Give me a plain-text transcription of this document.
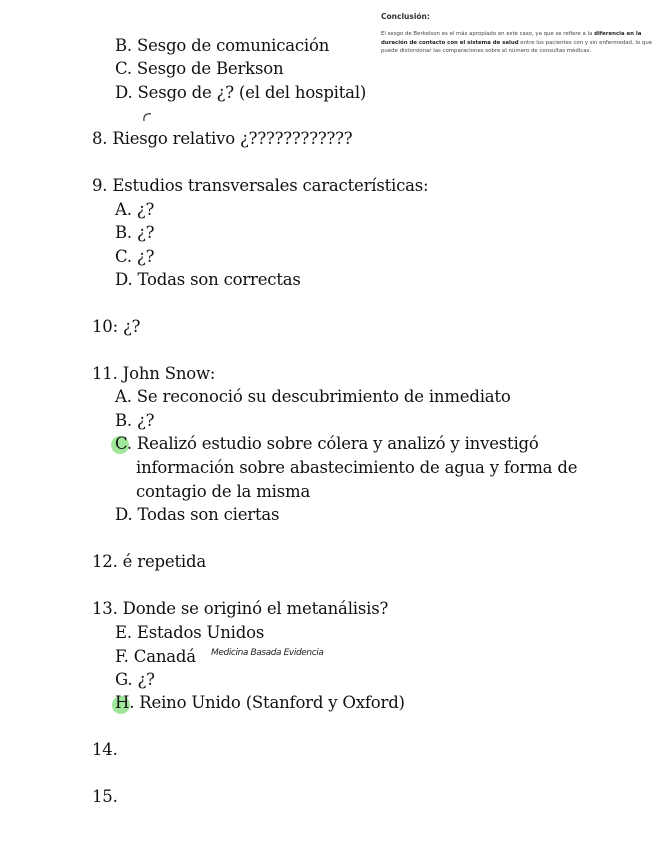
Conclusión:
El sesgo de Berkelson es el más apropiado en este caso, ya que se refiere a la diferencia en la duración de contacto con el sistema de salud entre los pacientes con y sin enfermedad, lo que puede distorsionar las comparaciones sobre el número de consultas médicas.
B. Sesgo de comunicación
C. Sesgo de Berkson
D. Sesgo de ¿? (el del hospital)
8. Riesgo relativo ¿????????????
9. Estudios transversales características:
A. ¿?
B. ¿?
C. ¿?
D. Todas son correctas
10: ¿?
11. John Snow:
A. Se reconoció su descubrimiento de inmediato
B. ¿?
C. Realizó estudio sobre cólera y analizó y investigó
información sobre abastecimiento de agua y forma de
contagio de la misma
D. Todas son ciertas
12. é repetida
13. Donde se originó el metanálisis?
E. Estados Unidos
F. Canadá Medicina Basada Evidencia
G. ¿?
H. Reino Unido (Stanford y Oxford)
14.
15.
